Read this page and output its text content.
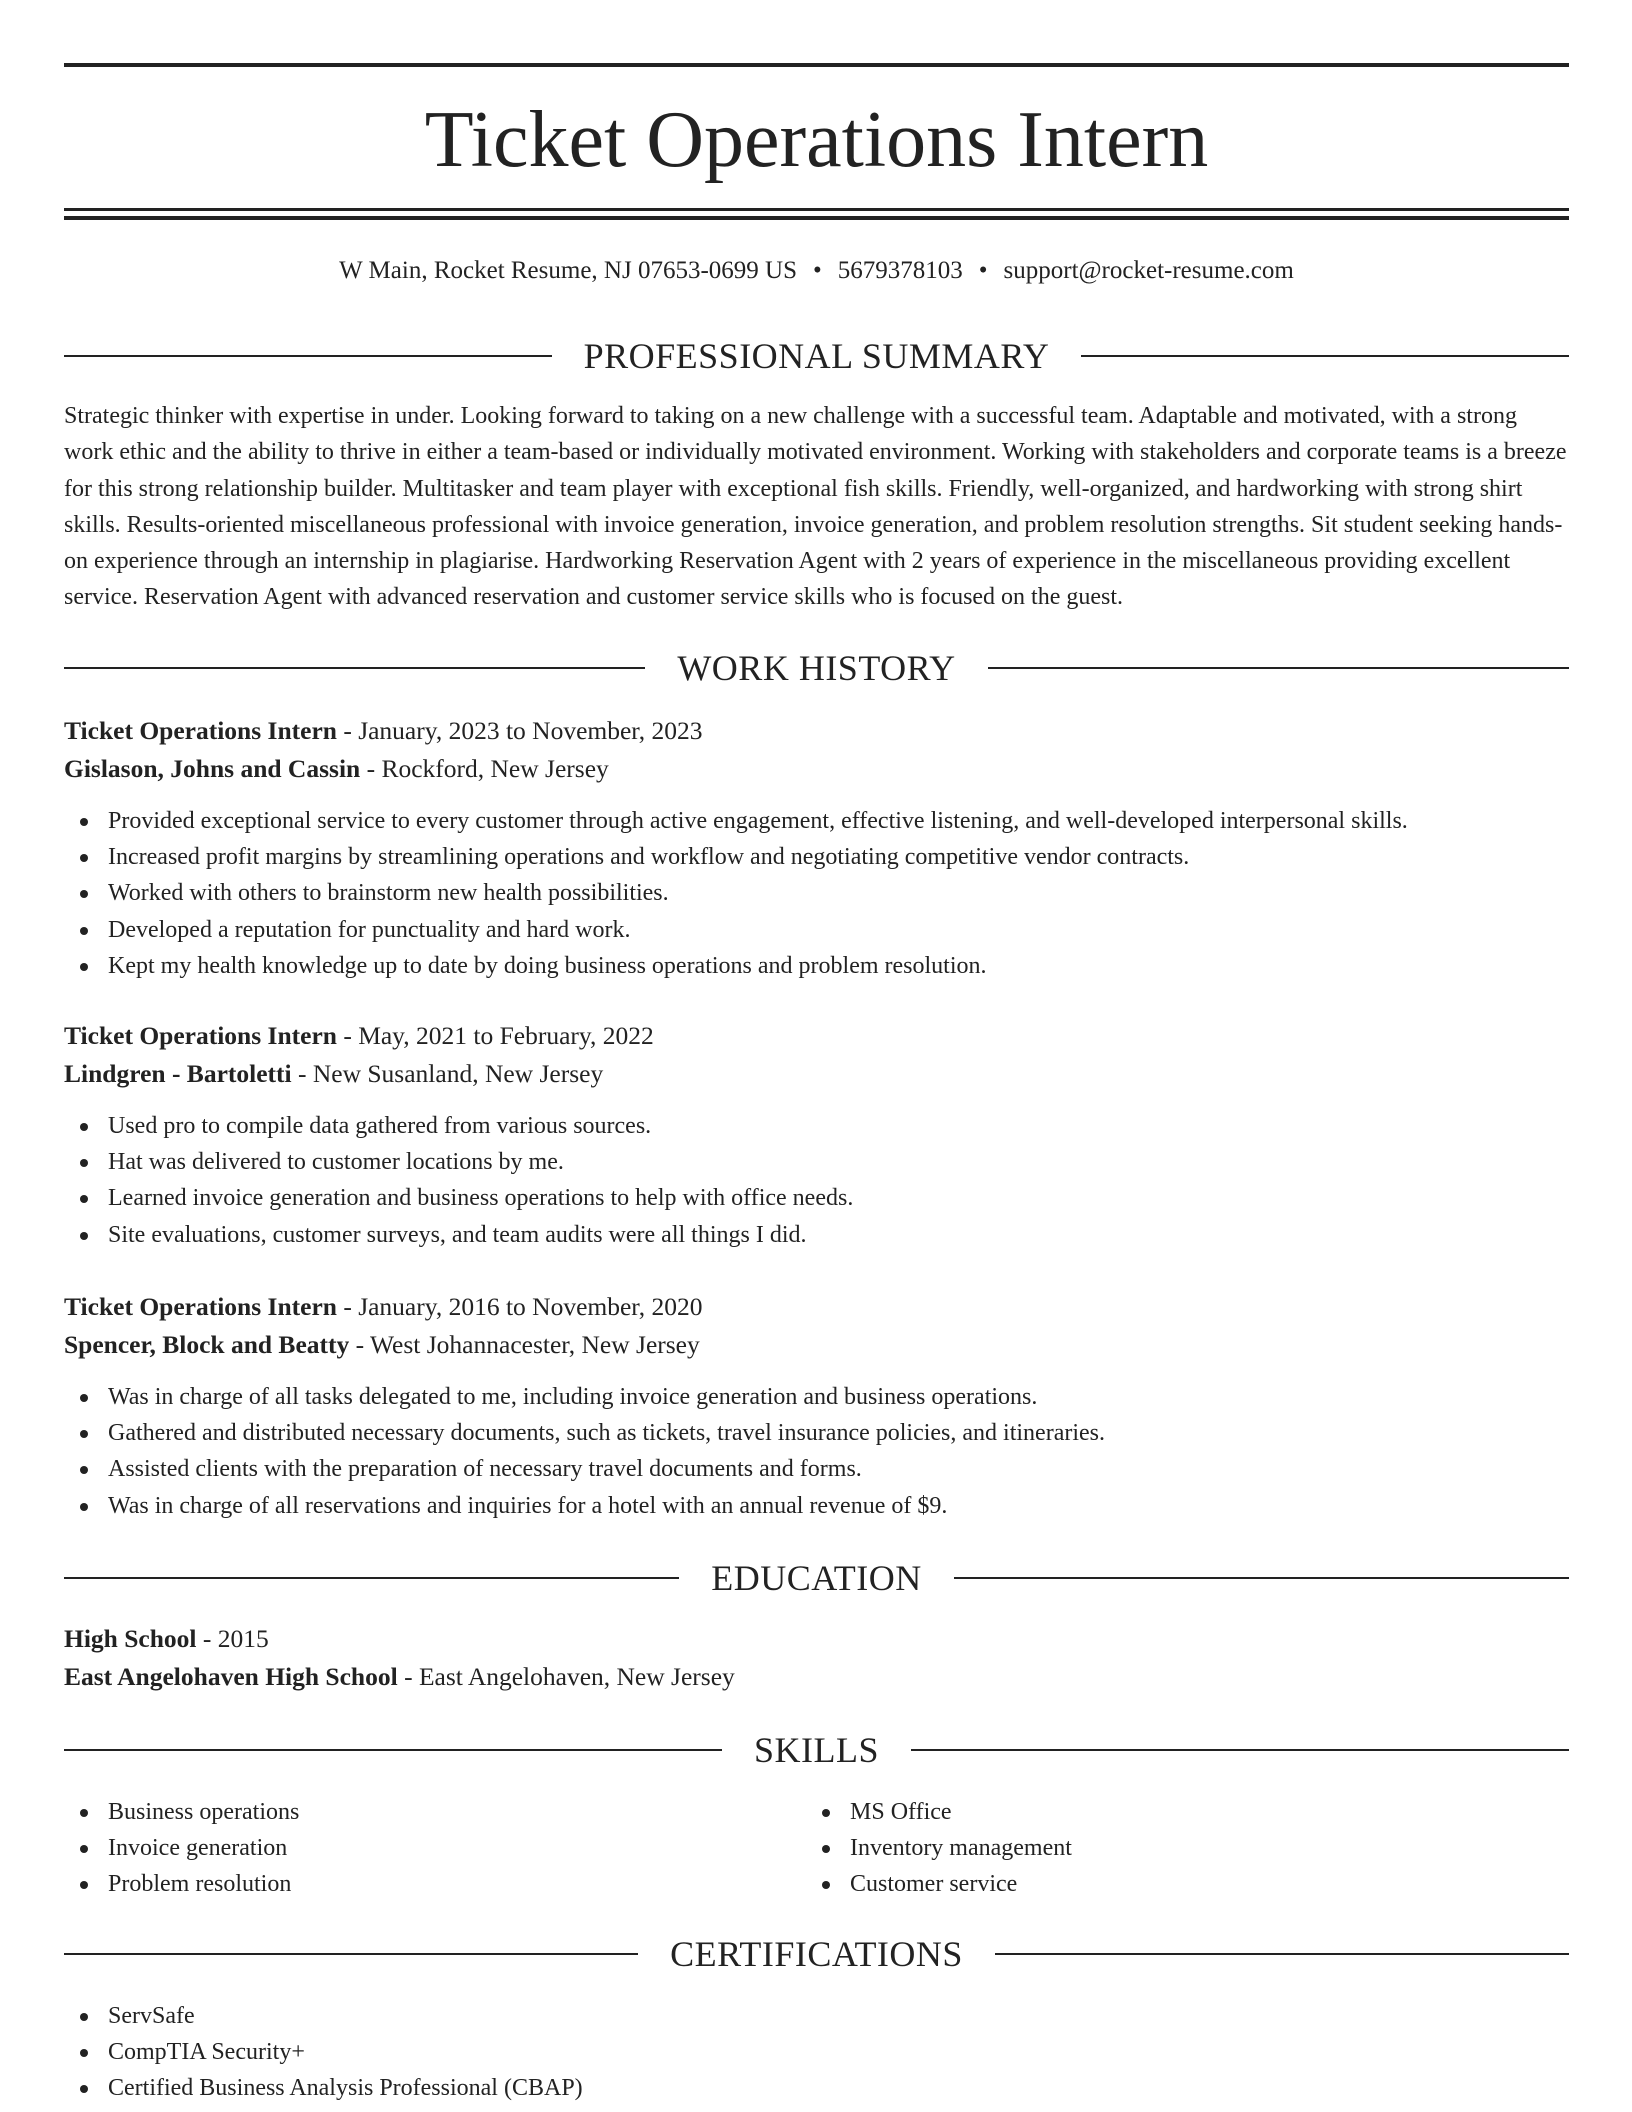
Ticket Operations Intern
W Main, Rocket Resume, NJ 07653-0699 US • 5679378103 • support@rocket-resume.com
PROFESSIONAL SUMMARY

Strategic thinker with expertise in under. Looking forward to taking on a new challenge with a successful team. Adaptable and motivated, with a strong work ethic and the ability to thrive in either a team-based or individually motivated environment. Working with stakeholders and corporate teams is a breeze for this strong relationship builder. Multitasker and team player with exceptional fish skills. Friendly, well-organized, and hardworking with strong shirt skills. Results-oriented miscellaneous professional with invoice generation, invoice generation, and problem resolution strengths. Sit student seeking hands-on experience through an internship in plagiarise. Hardworking Reservation Agent with 2 years of experience in the miscellaneous providing excellent service. Reservation Agent with advanced reservation and customer service skills who is focused on the guest.

WORK HISTORY
Ticket Operations Intern - January, 2023 to November, 2023
Gislason, Johns and Cassin - Rockford, New Jersey
Provided exceptional service to every customer through active engagement, effective listening, and well-developed interpersonal skills.
Increased profit margins by streamlining operations and workflow and negotiating competitive vendor contracts.
Worked with others to brainstorm new health possibilities.
Developed a reputation for punctuality and hard work.
Kept my health knowledge up to date by doing business operations and problem resolution.
Ticket Operations Intern - May, 2021 to February, 2022
Lindgren - Bartoletti - New Susanland, New Jersey
Used pro to compile data gathered from various sources.
Hat was delivered to customer locations by me.
Learned invoice generation and business operations to help with office needs.
Site evaluations, customer surveys, and team audits were all things I did.
Ticket Operations Intern - January, 2016 to November, 2020
Spencer, Block and Beatty - West Johannacester, New Jersey
Was in charge of all tasks delegated to me, including invoice generation and business operations.
Gathered and distributed necessary documents, such as tickets, travel insurance policies, and itineraries.
Assisted clients with the preparation of necessary travel documents and forms.
Was in charge of all reservations and inquiries for a hotel with an annual revenue of $9.
EDUCATION
High School - 2015
East Angelohaven High School - East Angelohaven, New Jersey
SKILLS
Business operations
Invoice generation
Problem resolution
MS Office
Inventory management
Customer service
CERTIFICATIONS
ServSafe
CompTIA Security+
Certified Business Analysis Professional (CBAP)
